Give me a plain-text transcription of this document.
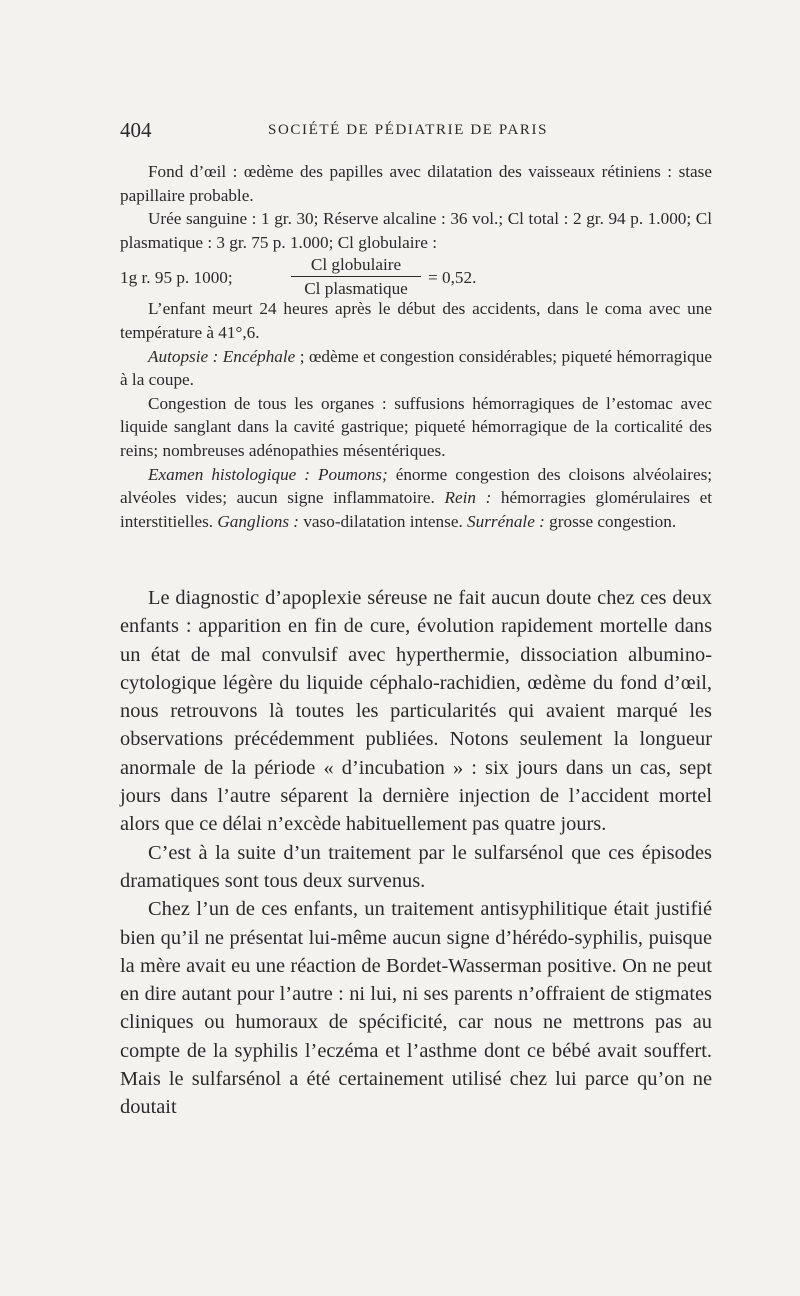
404	SOCIÉTÉ DE PÉDIATRIE DE PARIS

Fond d’œil : œdème des papilles avec dilatation des vaisseaux rétiniens : stase papillaire probable.

Urée sanguine : 1 gr. 30; Réserve alcaline : 36 vol.; Cl total : 2 gr. 94 p. 1.000; Cl plasmatique : 3 gr. 75 p. 1.000; Cl globulaire :

1g r. 95 p. 1000;
Cl globulaire
Cl plasmatique
= 0,52.

L’enfant meurt 24 heures après le début des accidents, dans le coma avec une température à 41°,6.

Autopsie : Encéphale ; œdème et congestion considérables; piqueté hémorragique à la coupe.

Congestion de tous les organes : suffusions hémorragiques de l’estomac avec liquide sanglant dans la cavité gastrique; piqueté hémorragique de la corticalité des reins; nombreuses adénopathies mésentériques.

Examen histologique : Poumons; énorme congestion des cloisons alvéolaires; alvéoles vides; aucun signe inflammatoire. Rein : hémorragies glomérulaires et interstitielles. Ganglions : vaso-dilatation intense. Surrénale : grosse congestion.

Le diagnostic d’apoplexie séreuse ne fait aucun doute chez ces deux enfants : apparition en fin de cure, évolution rapidement mortelle dans un état de mal convulsif avec hyperthermie, dissociation albumino-cytologique légère du liquide céphalo-rachidien, œdème du fond d’œil, nous retrouvons là toutes les particularités qui avaient marqué les observations précédemment publiées. Notons seulement la longueur anormale de la période « d’incubation » : six jours dans un cas, sept jours dans l’autre séparent la dernière injection de l’accident mortel alors que ce délai n’excède habituellement pas quatre jours.

C’est à la suite d’un traitement par le sulfarsénol que ces épisodes dramatiques sont tous deux survenus.

Chez l’un de ces enfants, un traitement antisyphilitique était justifié bien qu’il ne présentat lui-même aucun signe d’hérédo-syphilis, puisque la mère avait eu une réaction de Bordet-Wasserman positive. On ne peut en dire autant pour l’autre : ni lui, ni ses parents n’offraient de stigmates cliniques ou humoraux de spécificité, car nous ne mettrons pas au compte de la syphilis l’eczéma et l’asthme dont ce bébé avait souffert. Mais le sulfarsénol a été certainement utilisé chez lui parce qu’on ne doutait
